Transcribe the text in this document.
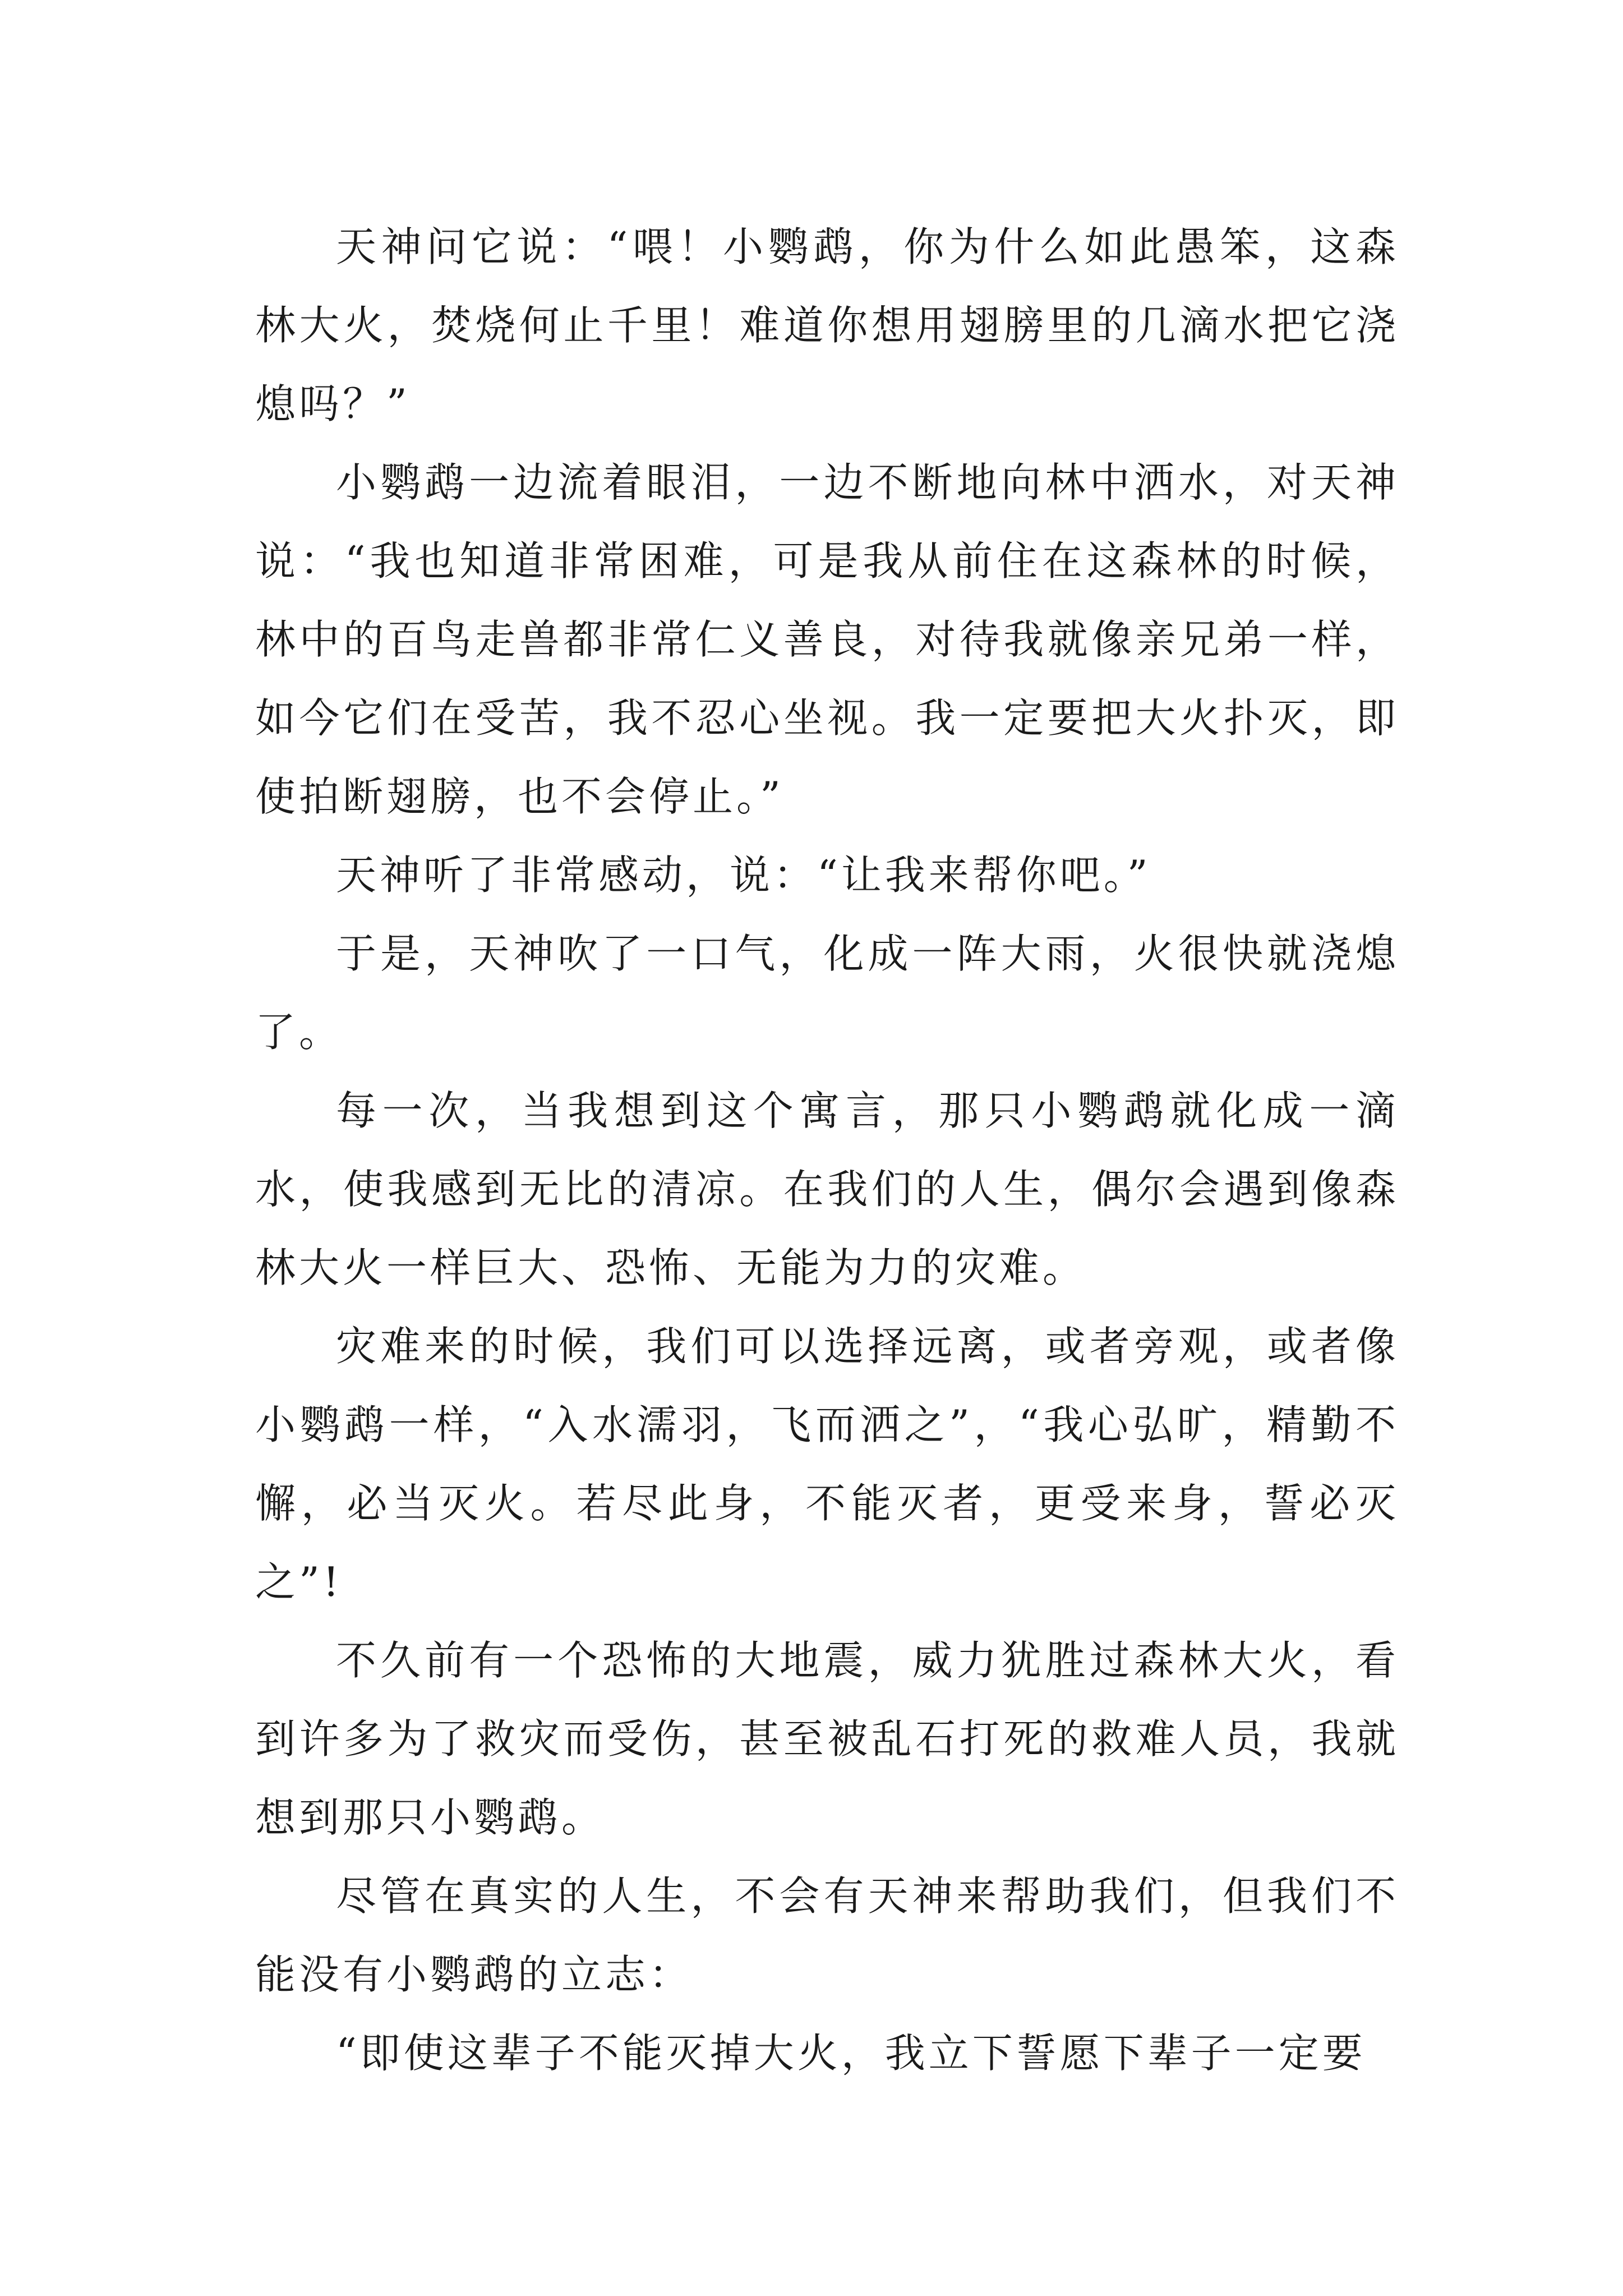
天神问它说：“喂！小鹦鹉，你为什么如此愚笨，这森林大火，焚烧何止千里！难道你想用翅膀里的几滴水把它浇熄吗？”

小鹦鹉一边流着眼泪，一边不断地向林中洒水，对天神说：“我也知道非常困难，可是我从前住在这森林的时候，林中的百鸟走兽都非常仁义善良，对待我就像亲兄弟一样，如今它们在受苦，我不忍心坐视。我一定要把大火扑灭，即使拍断翅膀，也不会停止。”

天神听了非常感动，说：“让我来帮你吧。”

于是，天神吹了一口气，化成一阵大雨，火很快就浇熄了。

每一次，当我想到这个寓言，那只小鹦鹉就化成一滴水，使我感到无比的清凉。在我们的人生，偶尔会遇到像森林大火一样巨大、恐怖、无能为力的灾难。

灾难来的时候，我们可以选择远离，或者旁观，或者像小鹦鹉一样，“入水濡羽，飞而洒之”，“我心弘旷，精勤不懈，必当灭火。若尽此身，不能灭者，更受来身，誓必灭之”!

不久前有一个恐怖的大地震，威力犹胜过森林大火，看到许多为了救灾而受伤，甚至被乱石打死的救难人员，我就想到那只小鹦鹉。

尽管在真实的人生，不会有天神来帮助我们，但我们不能没有小鹦鹉的立志：

“即使这辈子不能灭掉大火，我立下誓愿下辈子一定要
